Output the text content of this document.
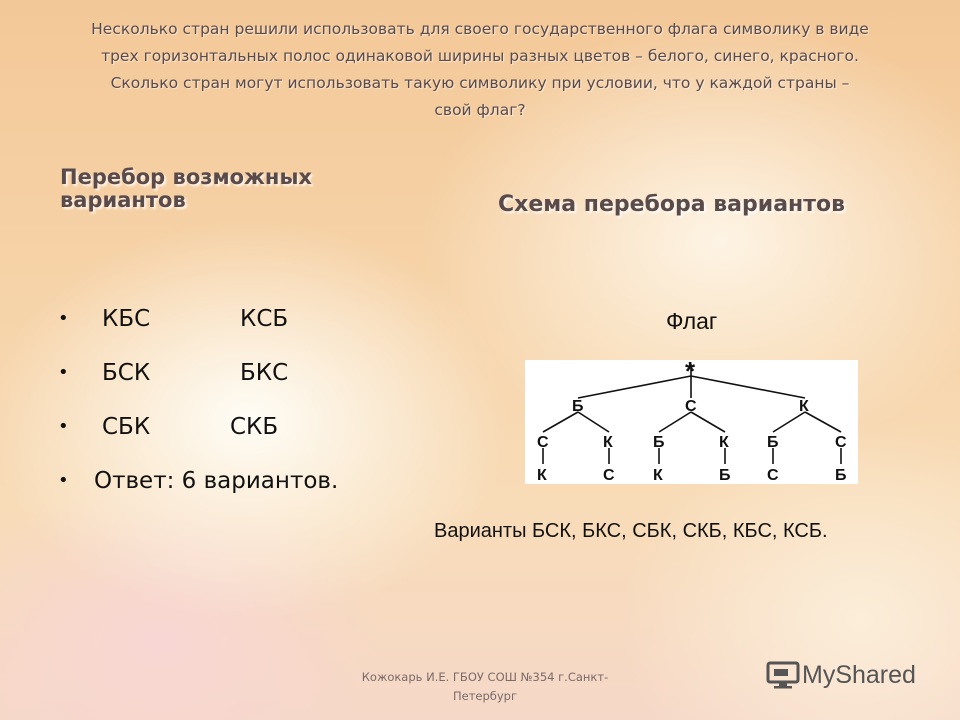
Несколько стран решили использовать для своего государственного флага символику в виде
трех горизонтальных полос одинаковой ширины разных цветов – белого, синего, красного.
Сколько стран могут использовать такую символику при условии, что у каждой страны –
свой флаг?
Перебор возможных
вариантов	Схема перебора вариантов
• КБС	КСБ
• БСК	БКС
• СБК	СКБ
• Ответ: 6 вариантов.
Флаг
*
Б	С	К
С	К	Б	К Б	С
К	С К	Б С	Б
Варианты БСК, БКС, СБК, СКБ, КБС, КСБ.
Кожокарь И.Е. ГБОУ СОШ №354 г.Санкт-
Петербург
MyShared
